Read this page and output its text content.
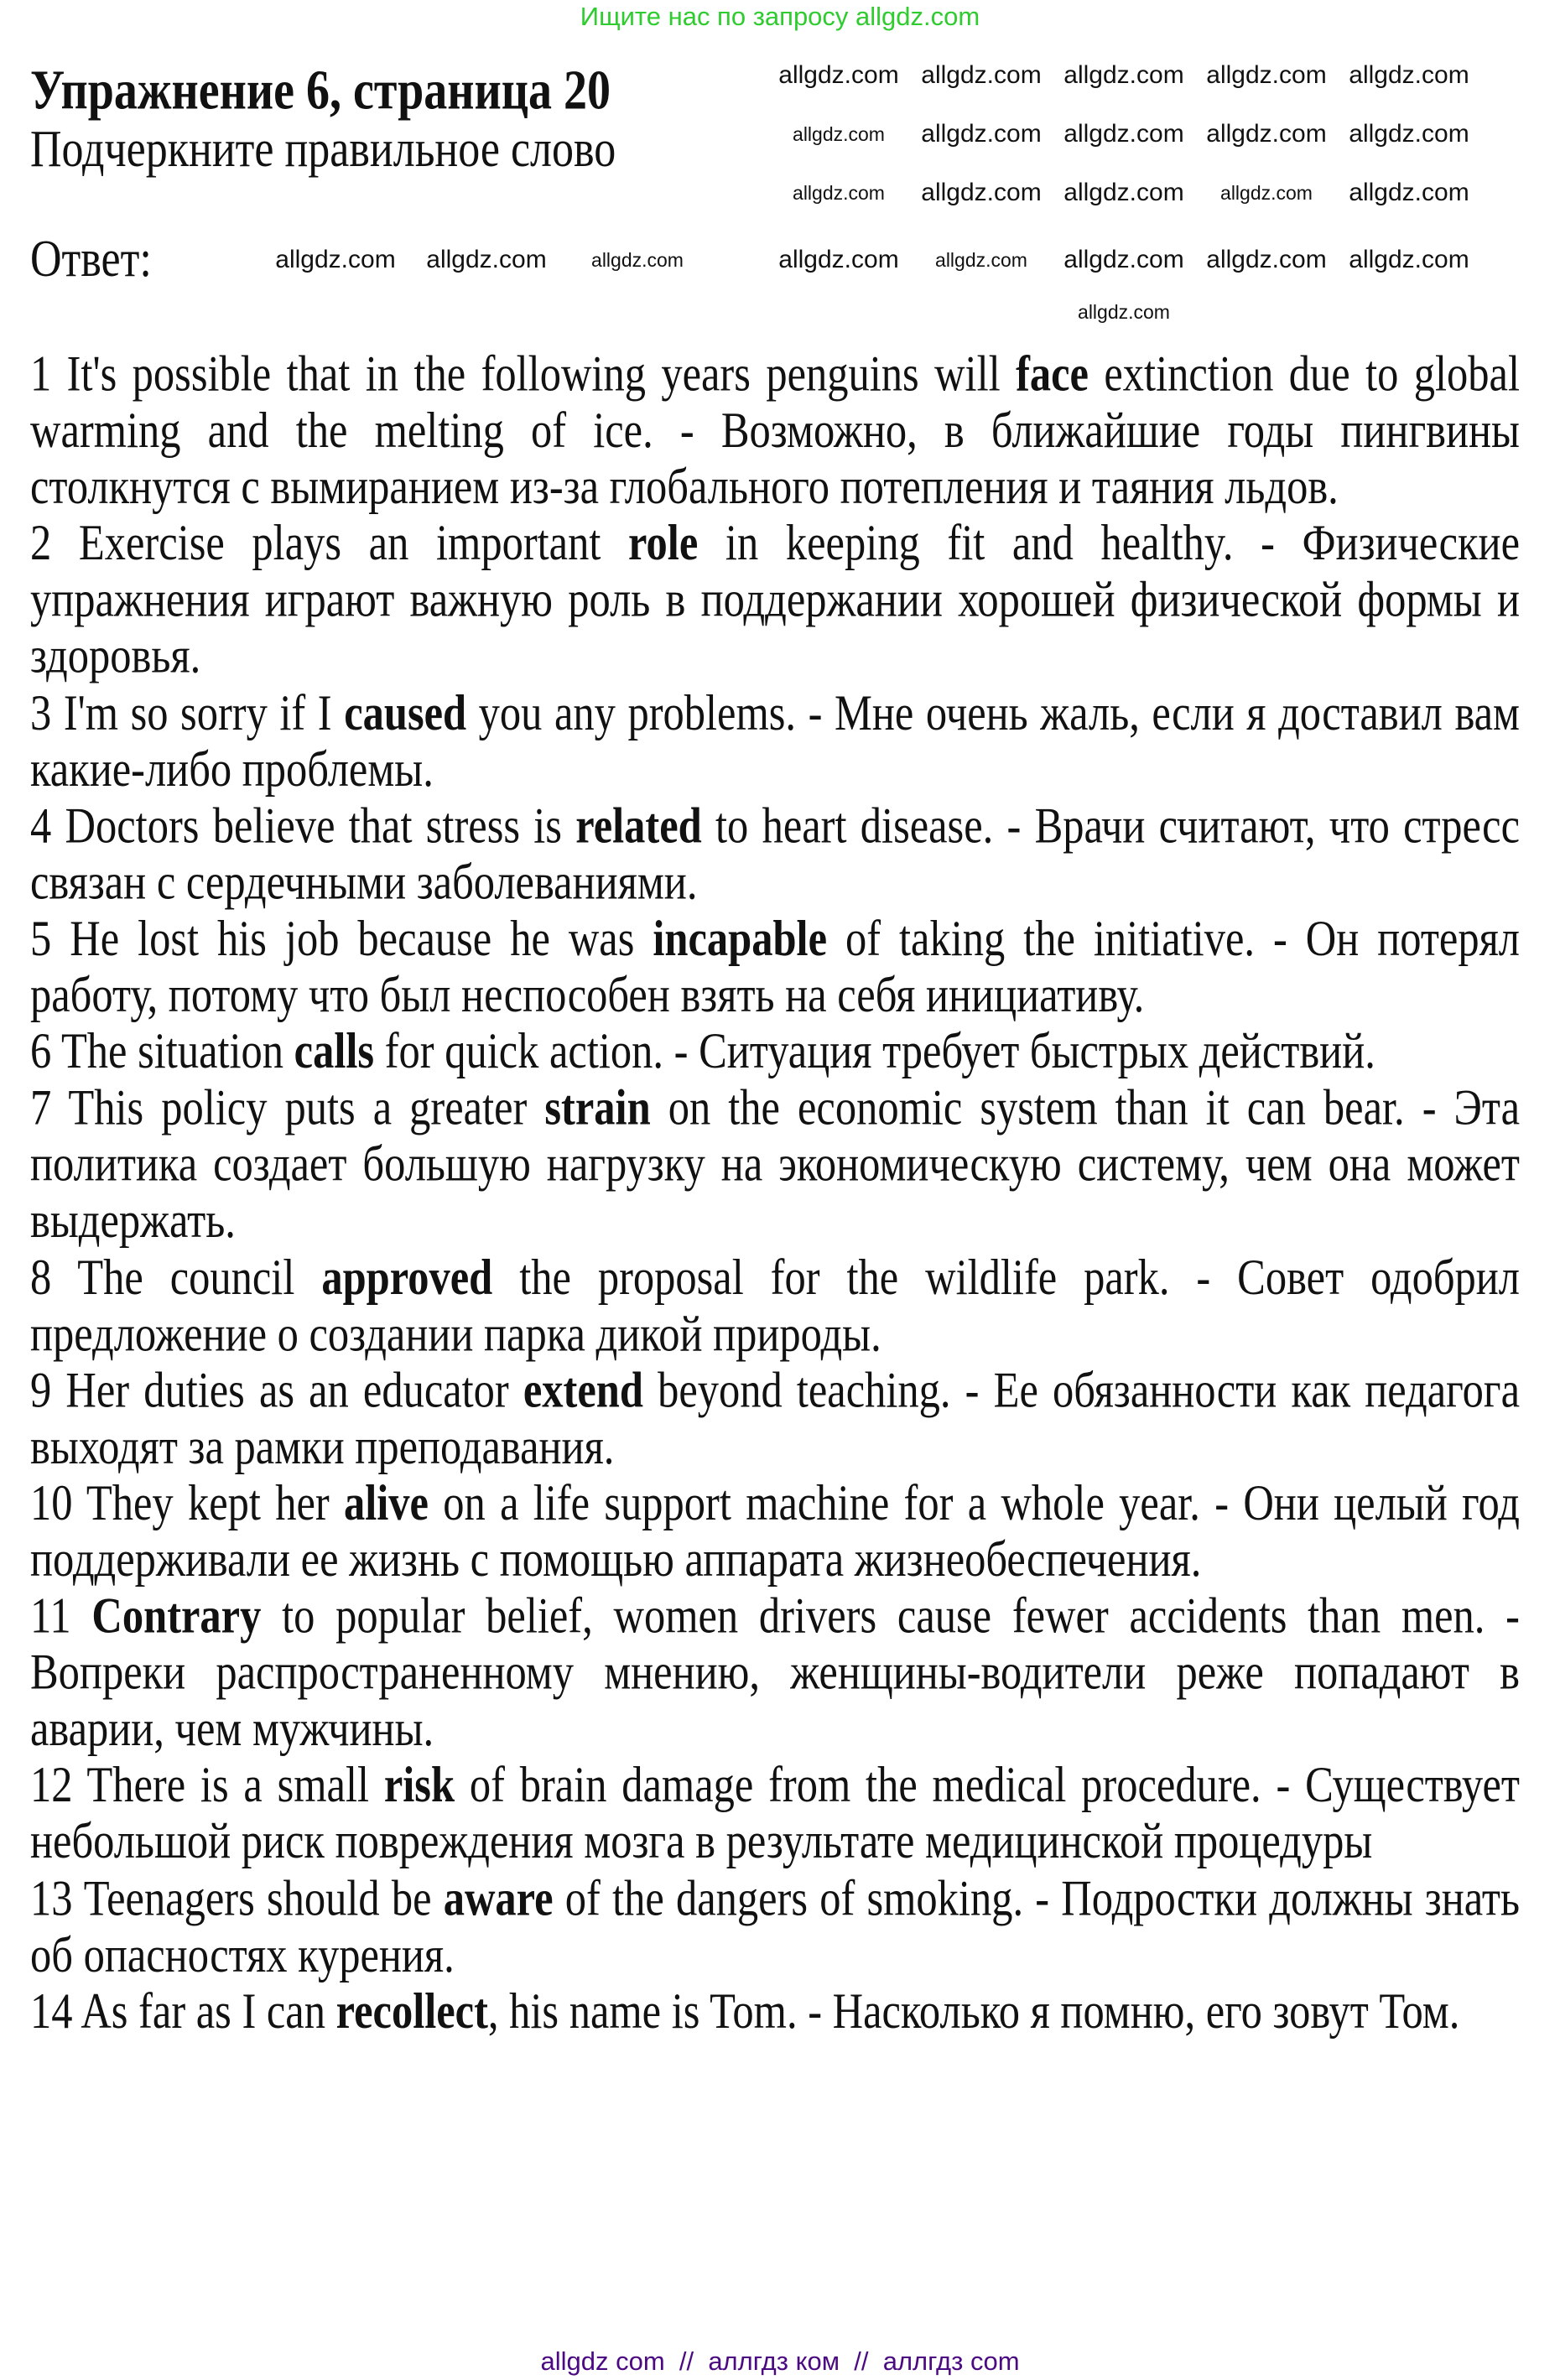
Ищите нас по запросу allgdz.com
Упражнение 6, страница 20
Подчеркните правильное слово
Ответ:

1 It's possible that in the following years penguins will face extinction due to global warming and the melting of ice. - Возможно, в ближайшие годы пингвины столкнутся с вымиранием из-за глобального потепления и таяния льдов.

2 Exercise plays an important role in keeping fit and healthy. - Физические упражнения играют важную роль в поддержании хорошей физической формы и здоровья.

3 I'm so sorry if I caused you any problems. - Мне очень жаль, если я доставил вам какие-либо проблемы.

4 Doctors believe that stress is related to heart disease. - Врачи считают, что стресс связан с сердечными заболеваниями.

5 He lost his job because he was incapable of taking the initiative. - Он потерял работу, потому что был неспособен взять на себя инициативу.

6 The situation calls for quick action. - Ситуация требует быстрых действий.

7 This policy puts a greater strain on the economic system than it can bear. - Эта политика создает большую нагрузку на экономическую систему, чем она может выдержать.

8 The council approved the proposal for the wildlife park. - Совет одобрил предложение о создании парка дикой природы.

9 Her duties as an educator extend beyond teaching. - Ее обязанности как педагога выходят за рамки преподавания.

10 They kept her alive on a life support machine for a whole year. - Они целый год поддерживали ее жизнь с помощью аппарата жизнеобеспечения.

11 Contrary to popular belief, women drivers cause fewer accidents than men. - Вопреки распространенному мнению, женщины-водители реже попадают в аварии, чем мужчины.

12 There is a small risk of brain damage from the medical procedure. - Существует небольшой риск повреждения мозга в результате медицинской процедуры

13 Teenagers should be aware of the dangers of smoking. - Подростки должны знать об опасностях курения.

14 As far as I can recollect, his name is Tom. - Насколько я помню, его зовут Том.

allgdz.com allgdz.com allgdz.com allgdz.com allgdz.com
allgdz.com allgdz.com allgdz.com allgdz.com allgdz.com
allgdz.com allgdz.com allgdz.com allgdz.com allgdz.com
allgdz.com allgdz.com allgdz.com	allgdz.com allgdz.com allgdz.com allgdz.com allgdz.com
allgdz.com
allgdz com  //  аллгдз ком  //  аллгдз com
